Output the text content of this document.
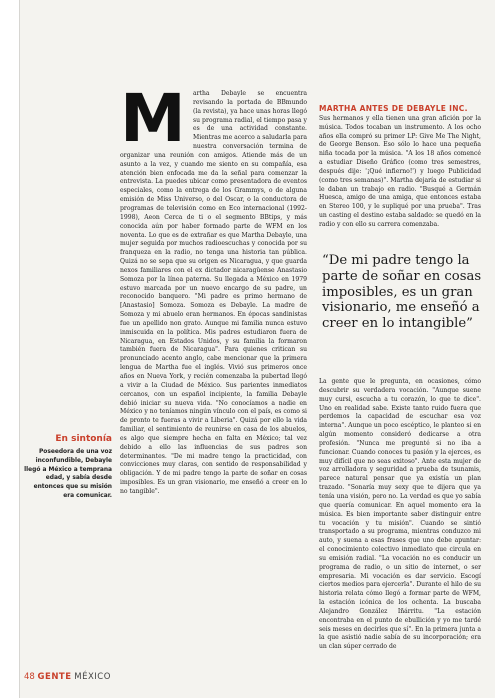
M	artha Debayle se encuentra revisando la portada de BBmundo (la revista), ya hace unas horas llegó su programa radial, el tiempo pasa y es de una actividad constante. Mientras me acerco a saludarla para nuestra conversación termina de organizar una reunión con amigos. Atiende más de un asunto a la vez, y cuando me siento en su compañía, esa atención bien enfocada me da la señal para comenzar la entrevista. La puedes ubicar como presentadora de eventos especiales, como la entrega de los Grammys, o de alguna emisión de Miss Universo, o del Oscar, o la conductora de programas de televisión como en Eco internacional (1992-1998), Aeon Cerca de ti o el segmento BBtips, y más conocida aún por haber formado parte de WFM en los noventa. Lo que es de extrañar es que Martha Debayle, una mujer seguida por muchos radioescuchas y conocida por su franqueza en la radio, no tenga una historia tan pública. Quizá no se sepa que su origen es Nicaragua, y que guarda nexos familiares con el ex dictador nicaragüense Anastasio Somoza por la línea paterna. Su llegada a México en 1979 estuvo marcada por un nuevo encargo de su padre, un reconocido banquero. "Mi padre es primo hermano de [Anastasio] Somoza. Somoza es Debayle. La madre de Somoza y mi abuelo eran hermanos. En épocas sandinistas fue un apellido non grato. Aunque mi familia nunca estuvo inmiscuida en la política. Mis padres estudiaron fuera de Nicaragua, en Estados Unidos, y su familia la formaron también fuera de Nicaragua". Para quienes critican su pronunciado acento anglo, cabe mencionar que la primera lengua de Martha fue el inglés. Vivió sus primeros once años en Nueva York, y recién comenzaba la pubertad llegó a vivir a la Ciudad de México. Sus parientes inmediatos cercanos, con un español incipiente, la familia Debayle debió iniciar su nueva vida. "No conocíamos a nadie en México y no teníamos ningún vínculo con el país, es como si de pronto te fueras a vivir a Liberia". Quizá por ello la vida familiar, el sentimiento de reunirse en casa de los abuelos, es algo que siempre hecha en falta en México; tal vez debido a ello las influencias de sus padres son determinantes. "De mi madre tengo la practicidad, con convicciones muy claras, con sentido de responsabilidad y obligación. Y de mi padre tengo la parte de soñar en cosas imposibles. Es un gran visionario, me enseñó a creer en lo no tangible".

MARTHA ANTES DE DEBAYLE INC.

Sus hermanos y ella tienen una gran afición por la música. Todos tocaban un instrumento. A los ocho años ella compró su primer LP: Give Me The Night, de George Benson. Eso sólo lo hace una pequeña niña tocada por la música. "A los 18 años comencé a estudiar Diseño Gráfico (como tres semestres, después dije: '¡Qué infierno!') y luego Publicidad (como tres semanas)". Martha dejaría de estudiar si le daban un trabajo en radio. "Busqué a Germán Huesca, amigo de una amiga, que entonces estaba en Stereo 100, y le supliqué por una prueba". Tras un casting el destino estaba saldado: se quedó en la radio y con ello su carrera comenzaba.

“De mi padre tengo la parte de soñar en cosas imposibles, es un gran visionario, me enseñó a creer en lo intangible”

La gente que le pregunta, en ocasiones, cómo descubrir su verdadera vocación. "Aunque suene muy cursi, escucha a tu corazón, lo que te dice". Uno en realidad sabe. Existe tanto ruido fuera que perdemos la capacidad de escuchar esa voz interna". Aunque un poco escéptico, le planteo si en algún momento consideró dedicarse a otra profesión. "Nunca me pregunté si no iba a funcionar. Cuando conoces tu pasión y la ejerces, es muy difícil que no seas exitoso". Ante esta mujer de voz arrolladora y seguridad a prueba de tsunamis, parece natural pensar que ya existía un plan trazado. "Sonaría muy sexy que te dijera que ya tenía una visión, pero no. La verdad es que yo sabía que quería comunicar. En aquel momento era la música. Es bien importante saber distinguir entre tu vocación y tu misión". Cuando se sintió transportado a su programa, mientras conduzco mi auto, y suena a esas frases que uno debe apuntar: el conocimiento colectivo inmediato que circula en su emisión radial. "La vocación no es conducir un programa de radio, o un sitio de internet, o ser empresaria. Mi vocación es dar servicio. Escogí ciertos medios para ejercerla". Durante el hilo de su historia relata cómo llegó a formar parte de WFM, la estación icónica de los ochenta. La buscaba Alejandro González Iñárritu. "La estación encontraba en el punto de ebullición y yo me tardé seis meses en decirles que sí". En la primera junta a la que asistió nadie sabía de su incorporación; era un clan súper cerrado de

En sintonía
Poseedora de una voz inconfundible, Debayle llegó a México a temprana edad, y sabía desde entonces que su misión era comunicar.
48 GENTE MÉXICO
